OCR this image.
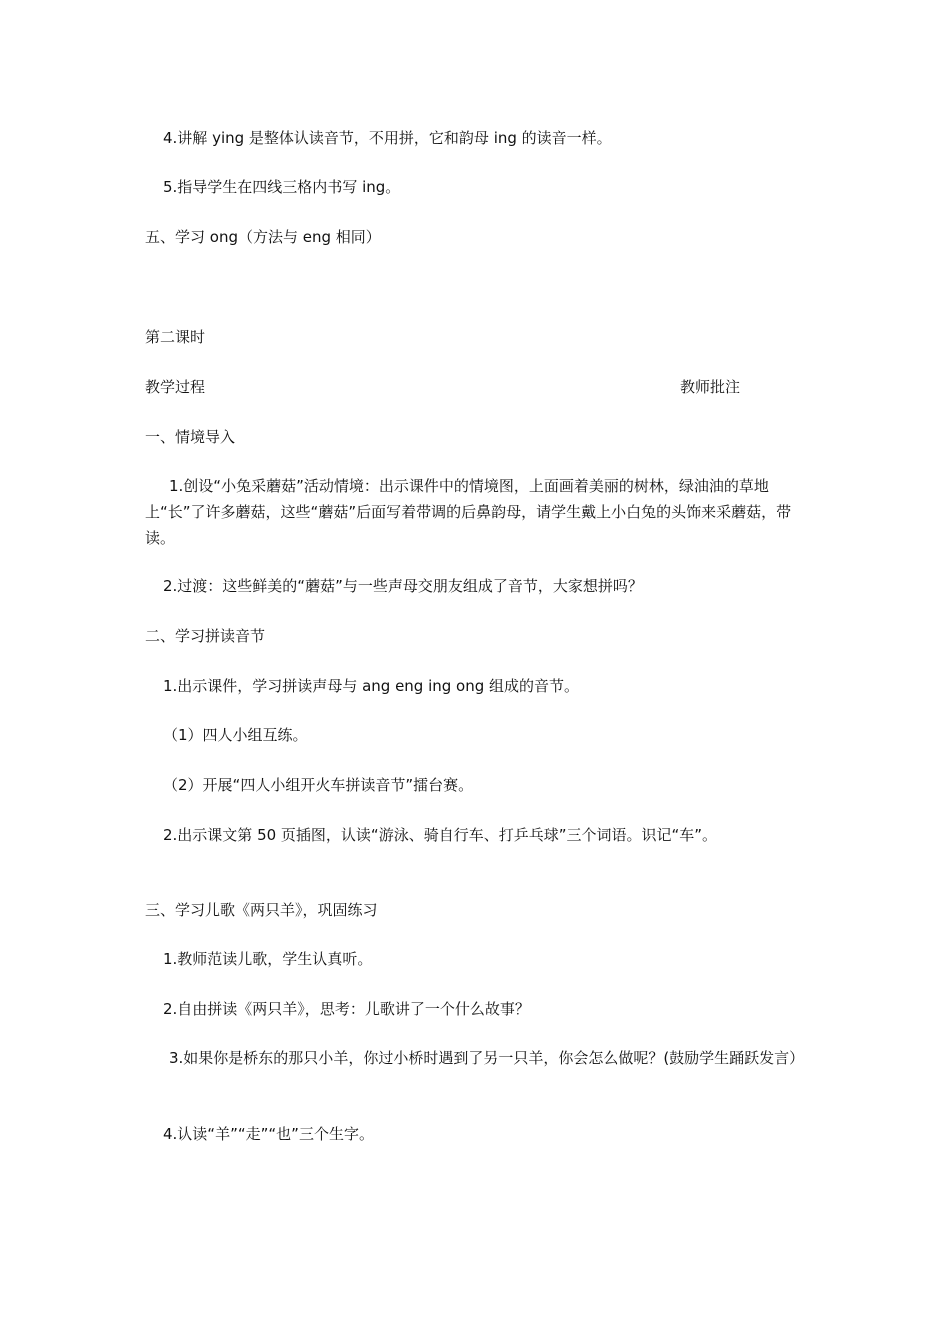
4.讲解 ying 是整体认读音节，不用拼，它和韵母 ing 的读音一样。
5.指导学生在四线三格内书写 ing。
五、学习 ong（方法与 eng 相同）
第二课时
教学过程	教师批注
一、情境导入
1.创设“小兔采蘑菇”活动情境：出示课件中的情境图，上面画着美丽的树林，绿油油的草地上“长”了许多蘑菇，这些“蘑菇”后面写着带调的后鼻韵母，请学生戴上小白兔的头饰来采蘑菇，带读。
2.过渡：这些鲜美的“蘑菇”与一些声母交朋友组成了音节，大家想拼吗？
二、学习拼读音节
1.出示课件，学习拼读声母与 ang eng ing ong 组成的音节。
（1）四人小组互练。
（2）开展“四人小组开火车拼读音节”擂台赛。
2.出示课文第 50 页插图，认读“游泳、骑自行车、打乒乓球”三个词语。识记“车”。
三、学习儿歌《两只羊》，巩固练习
1.教师范读儿歌，学生认真听。
2.自由拼读《两只羊》，思考：儿歌讲了一个什么故事？
3.如果你是桥东的那只小羊，你过小桥时遇到了另一只羊，你会怎么做呢？(鼓励学生踊跃发言）
4.认读“羊”“走”“也”三个生字。
